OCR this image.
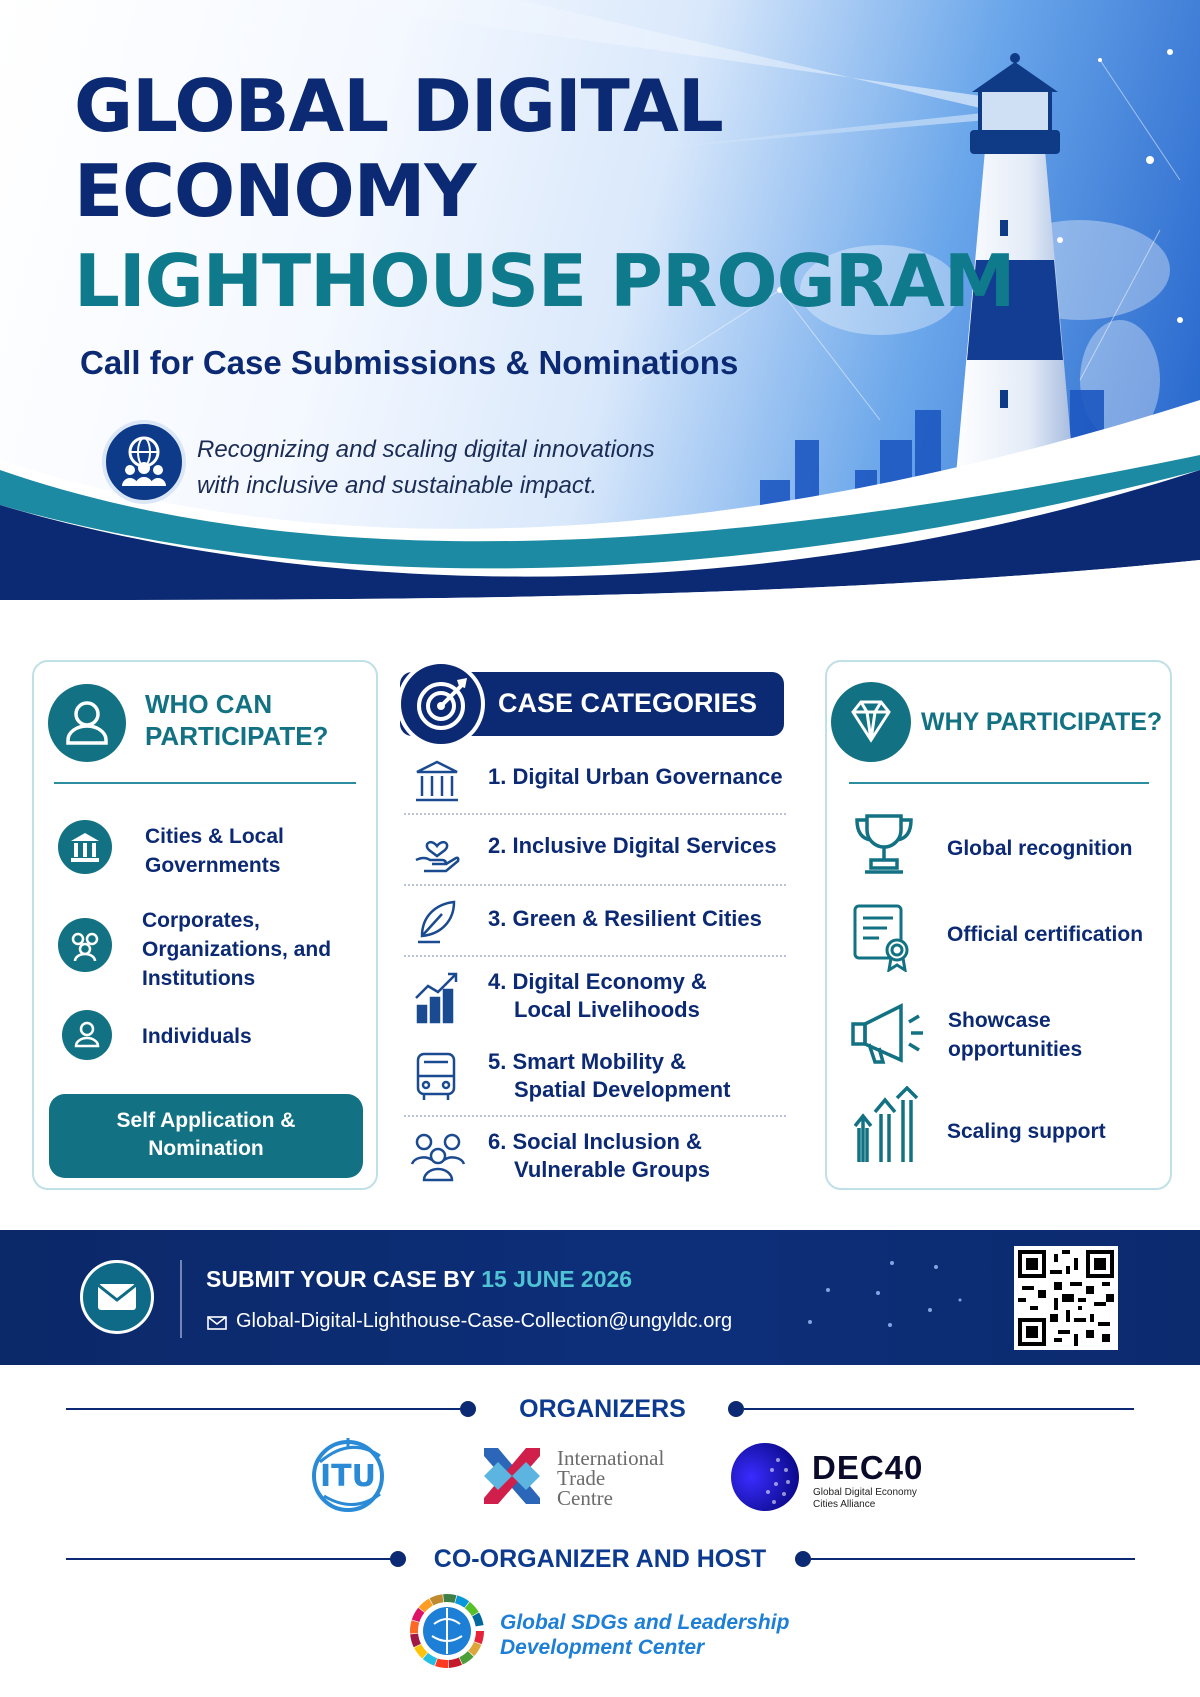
GLOBAL DIGITAL
ECONOMY
LIGHTHOUSE PROGRAM
Call for Case Submissions & Nominations
Recognizing and scaling digital innovations
with inclusive and sustainable impact.
WHO CAN
PARTICIPATE?
Cities & Local
Governments
Corporates,
Organizations, and
Institutions
Individuals
Self Application &
Nomination
CASE CATEGORIES
1. Digital Urban Governance
2. Inclusive Digital Services
3. Green & Resilient Cities
4. Digital Economy &
Local Livelihoods
5. Smart Mobility &
Spatial Development
6. Social Inclusion &
Vulnerable Groups
WHY PARTICIPATE?
Global recognition
Official certification
Showcase
opportunities
Scaling support
SUBMIT YOUR CASE BY 15 JUNE 2026
Global-Digital-Lighthouse-Case-Collection@ungyldc.org
ORGANIZERS
ITU
International
Trade
Centre
DEC40
Global Digital Economy
Cities Alliance
CO-ORGANIZER AND HOST
Global SDGs and Leadership
Development Center
